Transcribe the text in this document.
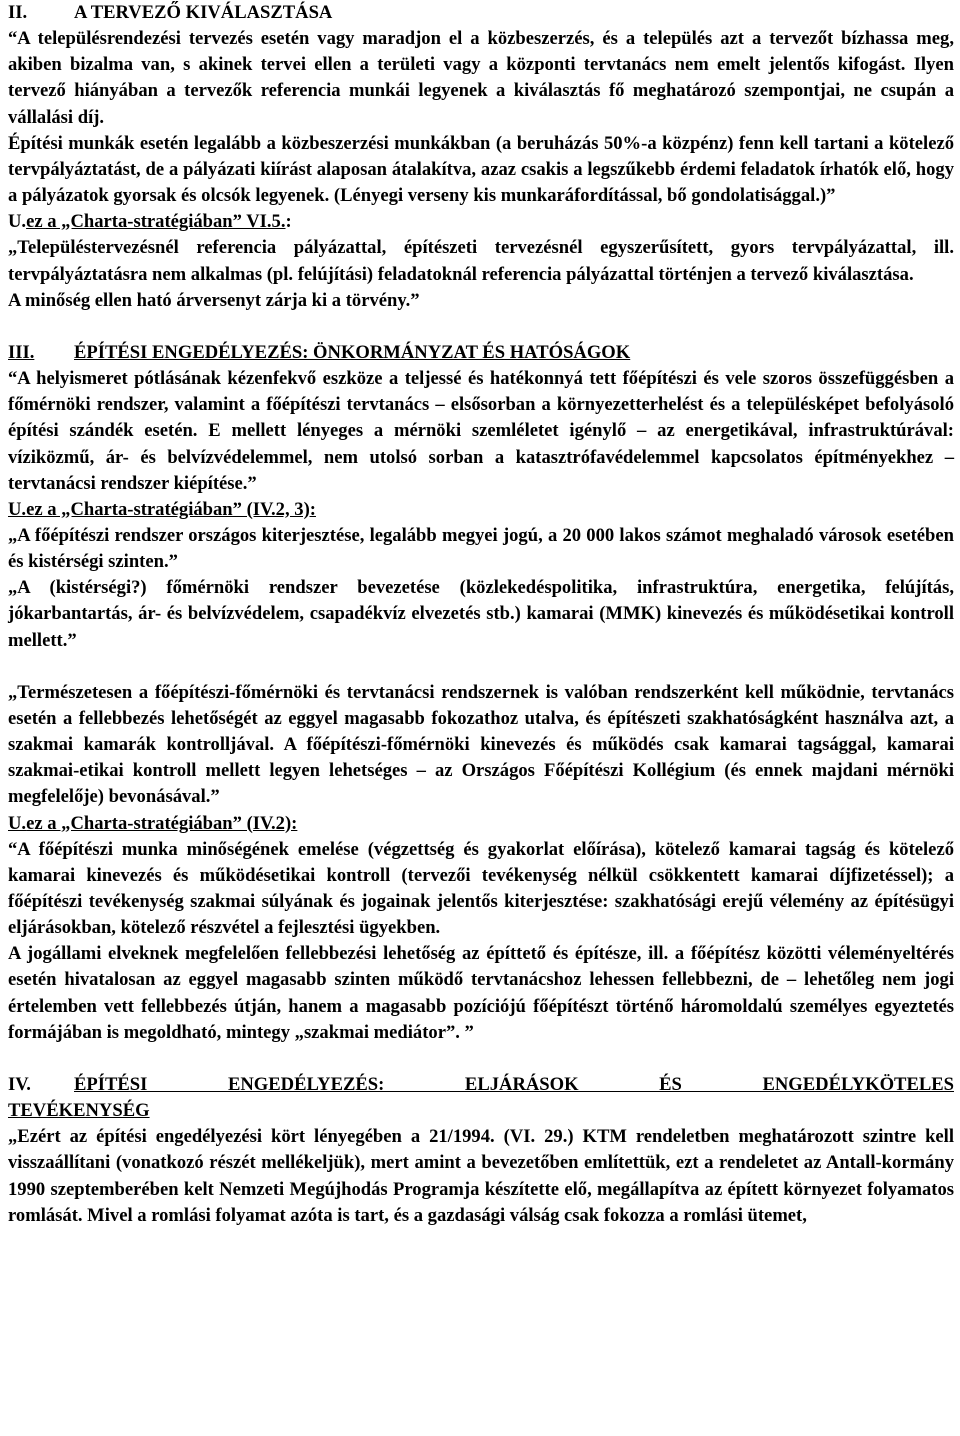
II.	A TERVEZŐ KIVÁLASZTÁSA

“A településrendezési tervezés esetén vagy maradjon el a közbeszerzés, és a település azt a tervezőt bízhassa meg, akiben bizalma van, s akinek tervei ellen a területi vagy a központi tervtanács nem emelt jelentős kifogást. Ilyen tervező hiányában a tervezők referencia munkái legyenek a kiválasztás fő meghatározó szempontjai, ne csupán a vállalási díj.

Építési munkák esetén legalább a közbeszerzési munkákban (a beruházás 50%-a közpénz) fenn kell tartani a kötelező tervpályáztatást, de a pályázati kiírást alaposan átalakítva, azaz csakis a legszűkebb érdemi feladatok írhatók elő, hogy a pályázatok gyorsak és olcsók legyenek. (Lényegi verseny kis munkaráfordítással, bő gondolatisággal.)”

U.ez a „Charta-stratégiában” VI.5.:

„Településtervezésnél referencia pályázattal, építészeti tervezésnél egyszerűsített, gyors tervpályázattal, ill. tervpályáztatásra nem alkalmas (pl. felújítási) feladatoknál referencia pályázattal történjen a tervező kiválasztása.

A minőség ellen ható árversenyt zárja ki a törvény.”

III. ÉPÍTÉSI ENGEDÉLYEZÉS: ÖNKORMÁNYZAT ÉS HATÓSÁGOK

“A helyismeret pótlásának kézenfekvő eszköze a teljessé és hatékonnyá tett főépítészi és vele szoros összefüggésben a főmérnöki rendszer, valamint a főépítészi tervtanács – elsősorban a környezetterhelést és a településképet befolyásoló építési szándék esetén. E mellett lényeges a mérnöki szemléletet igénylő – az energetikával, infrastruktúrával: víziközmű, ár- és belvízvédelemmel, nem utolsó sorban a katasztrófavédelemmel kapcsolatos építményekhez – tervtanácsi rendszer kiépítése.”

U.ez a „Charta-stratégiában” (IV.2, 3):

„A főépítészi rendszer országos kiterjesztése, legalább megyei jogú, a 20 000 lakos számot meghaladó városok esetében és kistérségi szinten.”

„A (kistérségi?) főmérnöki rendszer bevezetése (közlekedéspolitika, infrastruktúra, energetika, felújítás, jókarbantartás, ár- és belvízvédelem, csapadékvíz elvezetés stb.) kamarai (MMK) kinevezés és működésetikai kontroll mellett.”

„Természetesen a főépítészi-főmérnöki és tervtanácsi rendszernek is valóban rendszerként kell működnie, tervtanács esetén a fellebbezés lehetőségét az eggyel magasabb fokozathoz utalva, és építészeti szakhatóságként használva azt, a szakmai kamarák kontrolljával. A főépítészi-főmérnöki kinevezés és működés csak kamarai tagsággal, kamarai szakmai-etikai kontroll mellett legyen lehetséges – az Országos Főépítészi Kollégium (és ennek majdani mérnöki megfelelője) bevonásával.”

U.ez a „Charta-stratégiában” (IV.2):

“A főépítészi munka minőségének emelése (végzettség és gyakorlat előírása), kötelező kamarai tagság és kötelező kamarai kinevezés és működésetikai kontroll (tervezői tevékenység nélkül csökkentett kamarai díjfizetéssel); a főépítészi tevékenység szakmai súlyának és jogainak jelentős kiterjesztése: szakhatósági erejű vélemény az építésügyi eljárásokban, kötelező részvétel a fejlesztési ügyekben.

A jogállami elveknek megfelelően fellebbezési lehetőség az építtető és építésze, ill. a főépítész közötti véleményeltérés esetén hivatalosan az eggyel magasabb szinten működő tervtanácshoz lehessen fellebbezni, de – lehetőleg nem jogi értelemben vett fellebbezés útján, hanem a magasabb pozíciójú főépítészt történő háromoldalú személyes egyeztetés formájában is megoldható, mintegy „szakmai mediátor”. ”

IV. ÉPÍTÉSI ENGEDÉLYEZÉS: ELJÁRÁSOK ÉS ENGEDÉLYKÖTELES

TEVÉKENYSÉG

„Ezért az építési engedélyezési kört lényegében a 21/1994. (VI. 29.) KTM rendeletben meghatározott szintre kell visszaállítani (vonatkozó részét mellékeljük), mert amint a bevezetőben említettük, ezt a rendeletet az Antall-kormány 1990 szeptemberében kelt Nemzeti Megújhodás Programja készítette elő, megállapítva az épített környezet folyamatos romlását. Mivel a romlási folyamat azóta is tart, és a gazdasági válság csak fokozza a romlási ütemet,
